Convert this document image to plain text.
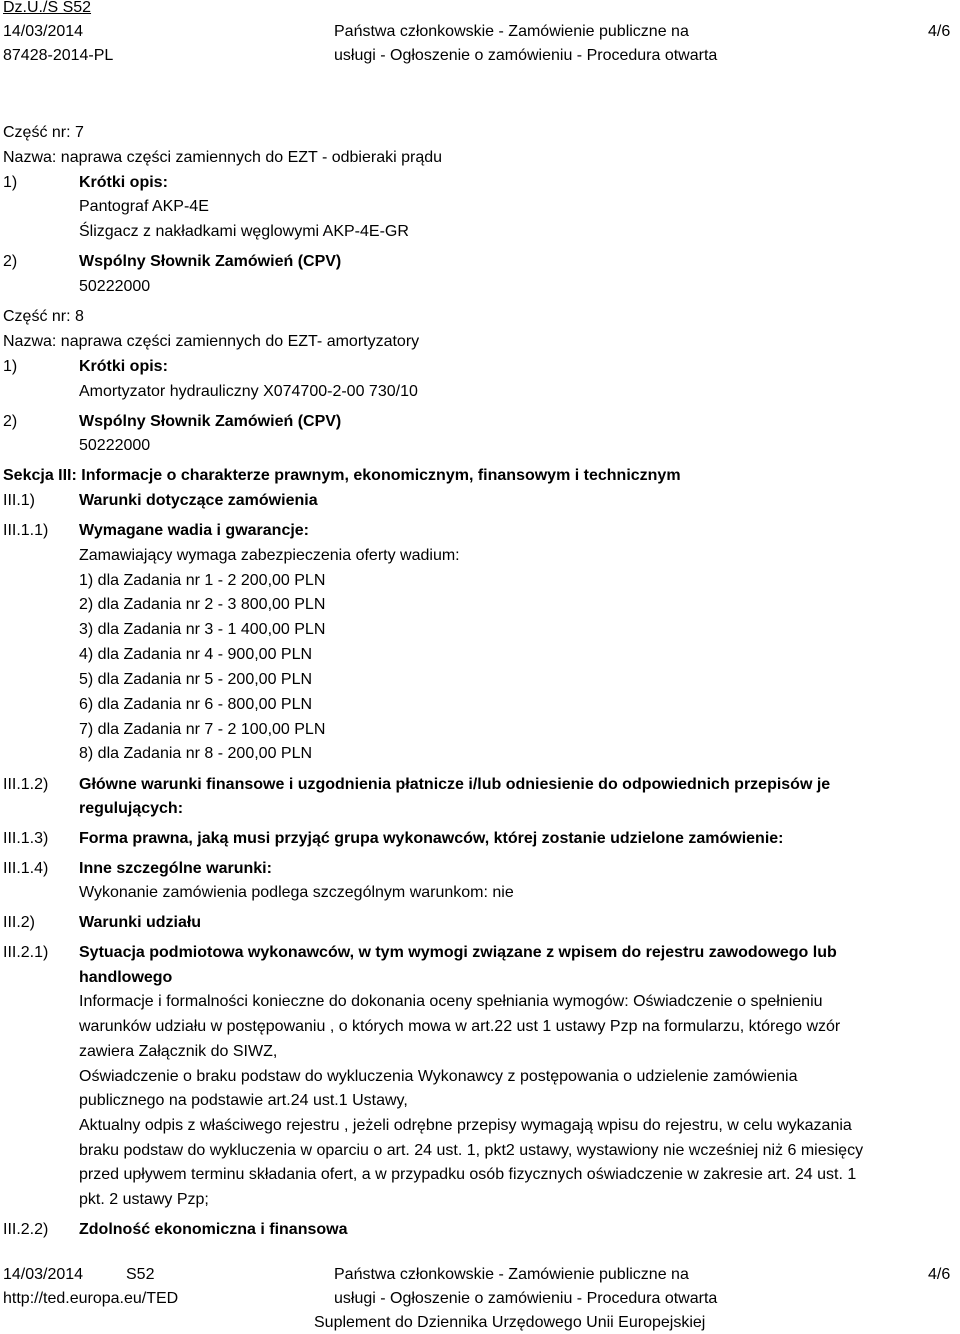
Dz.U./S S52
14/03/2014
87428-2014-PL
Państwa członkowskie - Zamówienie publiczne na
usługi - Ogłoszenie o zamówieniu - Procedura otwarta
4/6
Część nr: 7
Nazwa: naprawa części zamiennych do EZT - odbieraki prądu
1)	Krótki opis:
Pantograf AKP-4E
Ślizgacz z nakładkami węglowymi AKP-4E-GR
2)	Wspólny Słownik Zamówień (CPV)
50222000
Część nr: 8
Nazwa: naprawa części zamiennych do EZT- amortyzatory
1)	Krótki opis:
Amortyzator hydrauliczny X074700-2-00 730/10
2)	Wspólny Słownik Zamówień (CPV)
50222000
Sekcja III: Informacje o charakterze prawnym, ekonomicznym, finansowym i technicznym
III.1)	Warunki dotyczące zamówienia
III.1.1) Wymagane wadia i gwarancje:
Zamawiający wymaga zabezpieczenia oferty wadium:
1) dla Zadania nr 1 - 2 200,00 PLN
2) dla Zadania nr 2 - 3 800,00 PLN
3) dla Zadania nr 3 - 1 400,00 PLN
4) dla Zadania nr 4 - 900,00 PLN
5) dla Zadania nr 5 - 200,00 PLN
6) dla Zadania nr 6 - 800,00 PLN
7) dla Zadania nr 7 - 2 100,00 PLN
8) dla Zadania nr 8 - 200,00 PLN
III.1.2) Główne warunki finansowe i uzgodnienia płatnicze i/lub odniesienie do odpowiednich przepisów je
regulujących:
III.1.3) Forma prawna, jaką musi przyjąć grupa wykonawców, której zostanie udzielone zamówienie:
III.1.4) Inne szczególne warunki:
Wykonanie zamówienia podlega szczególnym warunkom: nie
III.2)	Warunki udziału
III.2.1) Sytuacja podmiotowa wykonawców, w tym wymogi związane z wpisem do rejestru zawodowego lub
handlowego
Informacje i formalności konieczne do dokonania oceny spełniania wymogów: Oświadczenie o spełnieniu
warunków udziału w postępowaniu , o których mowa w art.22 ust 1 ustawy Pzp na formularzu, którego wzór
zawiera Załącznik do SIWZ,
Oświadczenie o braku podstaw do wykluczenia Wykonawcy z postępowania o udzielenie zamówienia
publicznego na podstawie art.24 ust.1 Ustawy,
Aktualny odpis z właściwego rejestru , jeżeli odrębne przepisy wymagają wpisu do rejestru, w celu wykazania
braku podstaw do wykluczenia w oparciu o art. 24 ust. 1, pkt2 ustawy, wystawiony nie wcześniej niż 6 miesięcy
przed upływem terminu składania ofert, a w przypadku osób fizycznych oświadczenie w zakresie art. 24 ust. 1
pkt. 2 ustawy Pzp;
III.2.2) Zdolność ekonomiczna i finansowa
14/03/2014	S52
http://ted.europa.eu/TED
Państwa członkowskie - Zamówienie publiczne na
usługi - Ogłoszenie o zamówieniu - Procedura otwarta
Suplement do Dziennika Urzędowego Unii Europejskiej
4/6
